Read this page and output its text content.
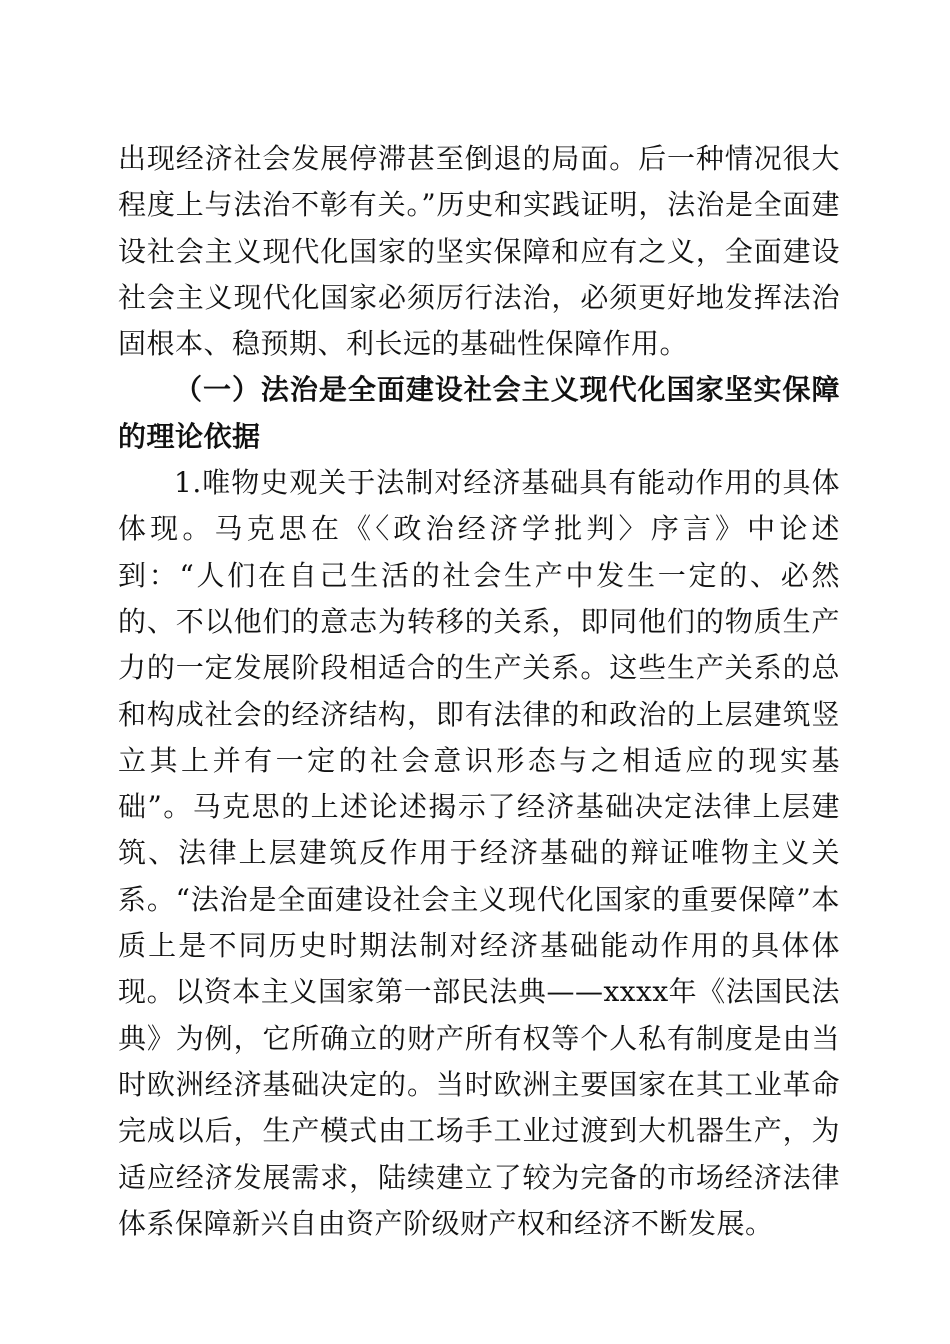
出现经济社会发展停滞甚至倒退的局面。后一种情况很大程度上与法治不彰有关。”历史和实践证明，法治是全面建设社会主义现代化国家的坚实保障和应有之义，全面建设社会主义现代化国家必须厉行法治，必须更好地发挥法治固根本、稳预期、利长远的基础性保障作用。

（一）法治是全面建设社会主义现代化国家坚实保障的理论依据

1.唯物史观关于法制对经济基础具有能动作用的具体体现。马克思在《〈政治经济学批判〉序言》中论述到：“人们在自己生活的社会生产中发生一定的、必然的、不以他们的意志为转移的关系，即同他们的物质生产力的一定发展阶段相适合的生产关系。这些生产关系的总和构成社会的经济结构，即有法律的和政治的上层建筑竖立其上并有一定的社会意识形态与之相适应的现实基础”。马克思的上述论述揭示了经济基础决定法律上层建筑、法律上层建筑反作用于经济基础的辩证唯物主义关系。“法治是全面建设社会主义现代化国家的重要保障”本质上是不同历史时期法制对经济基础能动作用的具体体现。以资本主义国家第一部民法典——xxxx年《法国民法典》为例，它所确立的财产所有权等个人私有制度是由当时欧洲经济基础决定的。当时欧洲主要国家在其工业革命完成以后，生产模式由工场手工业过渡到大机器生产，为适应经济发展需求，陆续建立了较为完备的市场经济法律体系保障新兴自由资产阶级财产权和经济不断发展。
